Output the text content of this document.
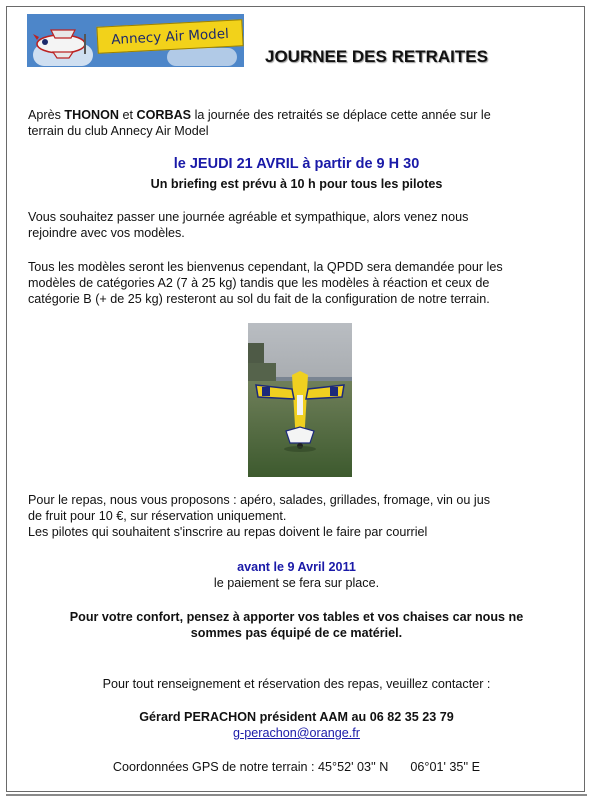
Annecy Air Model
JOURNEE DES RETRAITES

Après THONON et CORBAS la journée des retraités se déplace cette année sur le
terrain du club Annecy Air Model

le JEUDI 21 AVRIL à partir de 9 H 30

Un briefing est prévu à 10 h pour tous les pilotes

Vous souhaitez passer une journée agréable et sympathique, alors venez nous
rejoindre avec vos modèles.

Tous les modèles seront les bienvenus cependant, la QPDD sera demandée pour les
modèles de catégories A2 (7 à 25 kg) tandis que les modèles à réaction et ceux de
catégorie B (+ de 25 kg) resteront au sol du fait de la configuration de notre terrain.

Pour le repas, nous vous proposons : apéro, salades, grillades, fromage, vin ou jus
de fruit pour 10 €, sur réservation uniquement.
Les pilotes qui souhaitent s'inscrire au repas doivent le faire par courriel

avant le 9 Avril 2011

le paiement se fera sur place.

Pour votre confort, pensez à apporter vos tables et vos chaises car nous ne
sommes pas équipé de ce matériel.

Pour tout renseignement et réservation des repas, veuillez contacter :

Gérard PERACHON président AAM au 06 82 35 23 79

g-perachon@orange.fr

Coordonnées GPS de notre terrain : 45°52' 03'' N 06°01' 35'' E
